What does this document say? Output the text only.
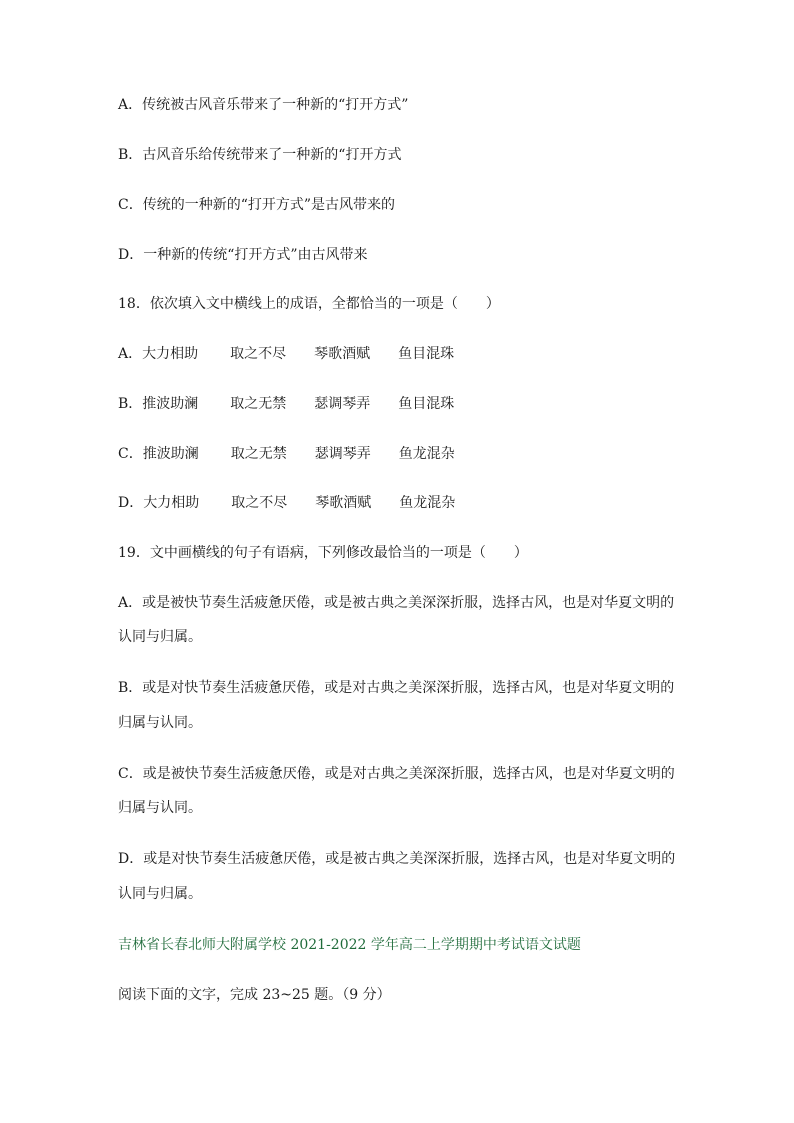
A．传统被古风音乐带来了一种新的“打开方式”
B．古风音乐给传统带来了一种新的“打开方式
C．传统的一种新的“打开方式”是古风带来的
D．一种新的传统“打开方式”由古风带来
18．依次填入文中横线上的成语，全都恰当的一项是（　　）
A．大力相助 取之不尽 琴歌酒赋 鱼目混珠
B．推波助澜 取之无禁 瑟调琴弄 鱼目混珠
C．推波助澜 取之无禁 瑟调琴弄 鱼龙混杂
D．大力相助 取之不尽 琴歌酒赋 鱼龙混杂
19．文中画横线的句子有语病，下列修改最恰当的一项是（　　）
A．或是被快节奏生活疲惫厌倦，或是被古典之美深深折服，选择古风，也是对华夏文明的
认同与归属。
B．或是对快节奏生活疲惫厌倦，或是对古典之美深深折服，选择古风，也是对华夏文明的
归属与认同。
C．或是被快节奏生活疲惫厌倦，或是对古典之美深深折服，选择古风，也是对华夏文明的
归属与认同。
D．或是对快节奏生活疲惫厌倦，或是被古典之美深深折服，选择古风，也是对华夏文明的
认同与归属。
吉林省长春北师大附属学校 2021-2022 学年高二上学期期中考试语文试题
阅读下面的文字，完成 23~25 题。（9 分）
